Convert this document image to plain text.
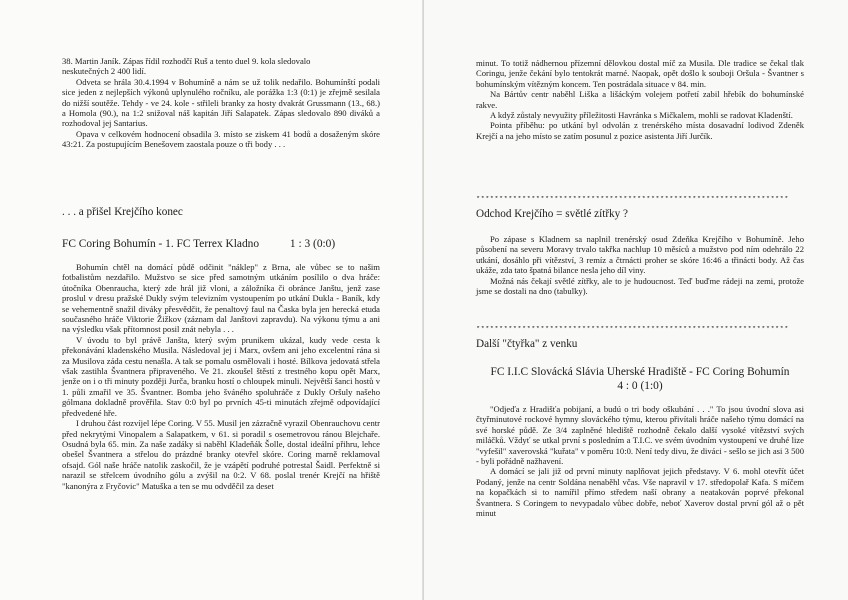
38. Martin Janík. Zápas řídil rozhodčí Ruš a tento duel 9. kola sledovalo

neskutečných 2 400 lidí.

Odveta se hrála 30.4.1994 v Bohumíně a nám se už tolik nedařilo. Bohumínští podali sice jeden z nejlepších výkonů uplynulého ročníku, ale porážka 1:3 (0:1) je zřejmě sesilala do nižší soutěže. Tehdy - ve 24. kole - střileli branky za hosty dvakrát Grussmann (13., 68.) a Homola (90.), na 1:2 snižoval náš kapitán Jiří Salapatek. Zápas sledovalo 890 diváků a rozhodoval jej Santarius.

Opava v celkovém hodnocení obsadila 3. místo se ziskem 41 bodů a dosaženým skóre 43:21. Za postupujícím Benešovem zaostala pouze o tři body . . .

. . . a přišel Krejčího konec
FC Coring Bohumín - 1. FC Terrex Kladno	1 : 3 (0:0)

Bohumín chtěl na domácí půdě odčinit "náklep" z Brna, ale vůbec se to našim fotbalistům nezdařilo. Mužstvo se sice před samotným utkáním posílilo o dva hráče: útočníka Obenraucha, který zde hrál již vloni, a záložníka či obránce Janštu, jenž zase proslul v dresu pražské Dukly svým televizním vystoupením po utkání Dukla - Baník, kdy se vehementně snažil diváky přesvědčit, že penaltový faul na Časka byla jen herecká etuda současného hráče Viktorie Žižkov (záznam dal Janštovi zapravdu). Na výkonu týmu a ani na výsledku však přítomnost posil znát nebyla . . .

V úvodu to byl právě Janšta, který svým prunikem ukázal, kudy vede cesta k překonávání kladenského Musila. Následoval jej i Marx, ovšem ani jeho excelentní rána si za Musilova záda cestu nenašla. A tak se pomalu osmělovali i hosté. Bílkova jedovatá střela však zastihla Švantnera připraveného. Ve 21. zkoušel štěstí z trestného kopu opět Marx, jenže on i o tři minuty později Jurča, branku hostí o chloupek minuli. Největší šanci hostů v 1. půli zmařil ve 35. Švantner. Bomba jeho šváného spoluhráče z Dukly Oršuly našeho gólmana dokladně prověřila. Stav 0:0 byl po prvních 45-ti minutách zřejmě odpovídající předvedené hře.

I druhou část rozvíjel lépe Coring. V 55. Musil jen zázračně vyrazil Obenrauchovu centr před nekrytými Vinopalem a Salapatkem, v 61. si poradil s osemetrovou ránou Blejchaře. Osudná byla 65. min. Za naše zadáky si naběhl Kladeňák Šolle, dostal ideální přihru, lehce obešel Švantnera a střelou do prázdné branky otevřel skóre. Coring marně reklamoval ofsajd. Gól naše hráče natolik zaskočil, že je vzápětí podruhé potrestal Šaidl. Perfektně si narazil se střelcem úvodního gólu a zvýšil na 0:2. V 68. poslal trenér Krejčí na hřiště "kanonýra z Fryčovic" Matuška a ten se mu odvděčil za deset

minut. To totiž nádhernou přízemní dělovkou dostal míč za Musila. Dle tradice se čekal tlak Coringu, jenže čekání bylo tentokrát marné. Naopak, opět došlo k souboji Oršula - Švantner s bohumínským vítězným koncem. Ten postrádala situace v 84. min.

Na Bártův centr naběhl Liška a lišáckým volejem potřetí zabil hřebík do bohumínské rakve.

A když zůstaly nevyužity příležitosti Havránka s Mičkalem, mohli se radovat Kladenští.

Pointa příběhu: po utkání byl odvolán z trenérského místa dosavadní lodivod Zdeněk Krejčí a na jeho místo se zatím posunul z pozice asistenta Jiří Jurčík.

********************************************************************
Odchod Krejčího = světlé zítřky ?

Po zápase s Kladnem sa naplnil trenérský osud Zdeňka Krejčího v Bohumíně. Jeho působení na severu Moravy trvalo takřka nachlup 10 měsíců a mužstvo pod ním odehrálo 22 utkání, dosáhlo při vítězství, 3 remíz a čtrnácti proher se skóre 16:46 a třinácti body. Až čas ukáže, zda tato špatná bilance nesla jeho díl viny.

Možná nás čekají světlé zítřky, ale to je hudoucnost. Teď buďme rádeji na zemi, protože jsme se dostali na dno (tabulky).

********************************************************************
Další "čtyřka" z venku
FC I.I.C Slovácká Slávia Uherské Hradiště - FC Coring Bohumín
4 : 0 (1:0)

"Odjeďa z Hradišťa pobijaní, a budú o tri body oškubání . . ." To jsou úvodní slova asi čtyřminutové rockové hymny slováckého týmu, kterou přivítali hráče našeho týmu domácí na své horské půdě. Ze 3/4 zaplněné hlediště rozhodně čekalo další vysoké vítězství svých miláčků. Vždyť se utkal první s posledním a T.I.C. ve svém úvodním vystoupení ve druhé lize "vyfešil" xaverovská "kuřata" v poměru 10:0. Není tedy divu, že diváci - sešlo se jich asi 3 500 - byli pořádně nažhavení.

A domácí se jali již od první minuty naplňovat jejich představy. V 6. mohl otevřít účet Podaný, jenže na centr Soldána nenaběhl včas. Vše napravil v 17. středopolař Kafa. S míčem na kopačkách si to namířil přímo středem naší obrany a neatakován poprvé překonal Švantnera. S Coringem to nevypadalo vůbec dobře, neboť Xaverov dostal první gól až o pět minut
